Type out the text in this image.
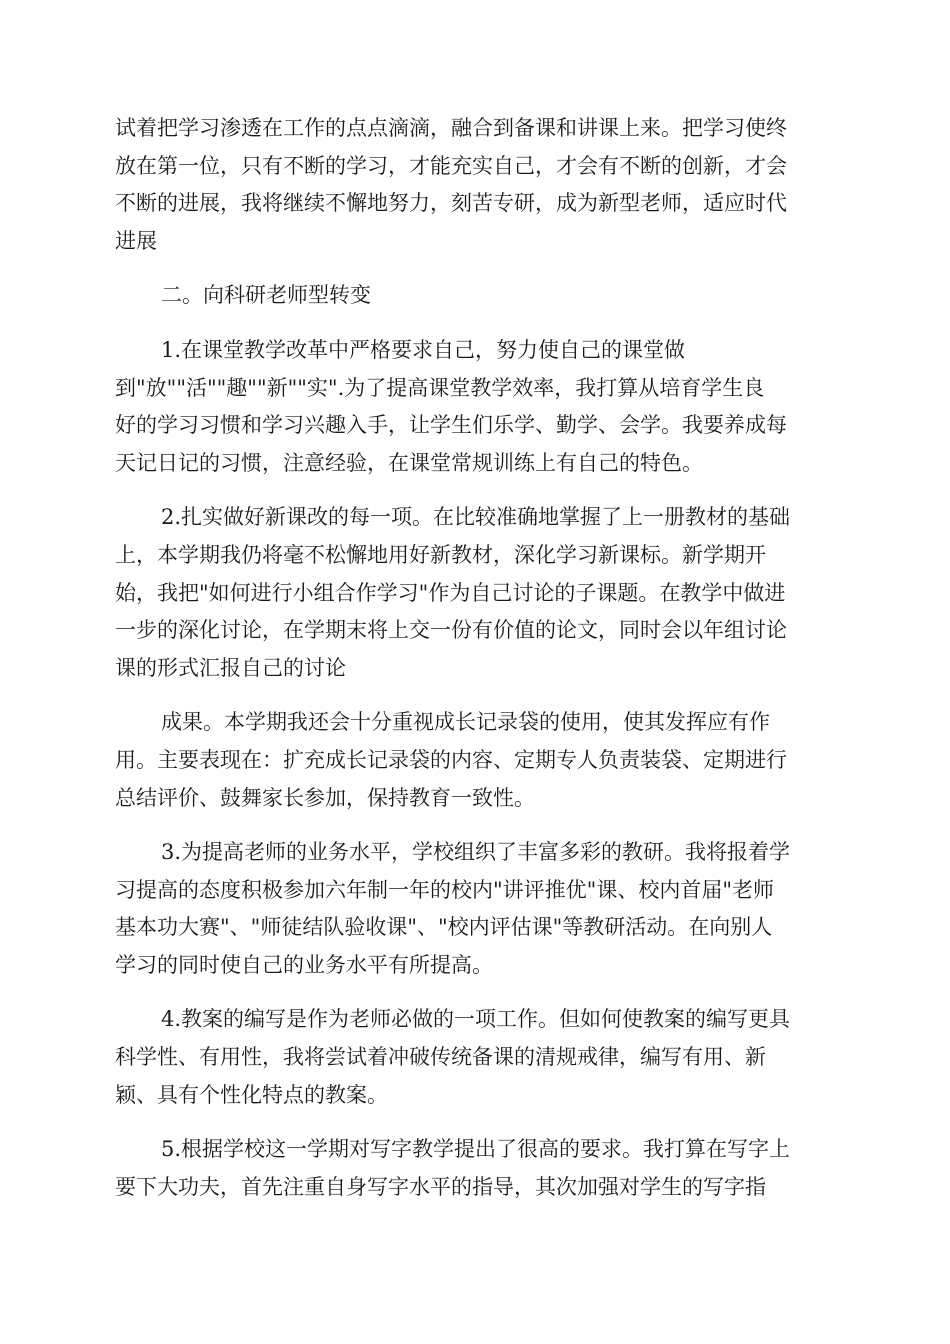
试着把学习渗透在工作的点点滴滴，融合到备课和讲课上来。把学习使终
放在第一位，只有不断的学习，才能充实自己，才会有不断的创新，才会
不断的进展，我将继续不懈地努力，刻苦专研，成为新型老师，适应时代
进展

二。向科研老师型转变

1.在课堂教学改革中严格要求自己，努力使自己的课堂做
到"放""活""趣""新""实".为了提高课堂教学效率，我打算从培育学生良
好的学习习惯和学习兴趣入手，让学生们乐学、勤学、会学。我要养成每
天记日记的习惯，注意经验，在课堂常规训练上有自己的特色。

2.扎实做好新课改的每一项。在比较准确地掌握了上一册教材的基础
上，本学期我仍将毫不松懈地用好新教材，深化学习新课标。新学期开
始，我把"如何进行小组合作学习"作为自己讨论的子课题。在教学中做进
一步的深化讨论，在学期末将上交一份有价值的论文，同时会以年组讨论
课的形式汇报自己的讨论

成果。本学期我还会十分重视成长记录袋的使用，使其发挥应有作
用。主要表现在：扩充成长记录袋的内容、定期专人负责装袋、定期进行
总结评价、鼓舞家长参加，保持教育一致性。

3.为提高老师的业务水平，学校组织了丰富多彩的教研。我将报着学
习提高的态度积极参加六年制一年的校内"讲评推优"课、校内首届"老师
基本功大赛"、"师徒结队验收课"、"校内评估课"等教研活动。在向别人
学习的同时使自己的业务水平有所提高。

4.教案的编写是作为老师必做的一项工作。但如何使教案的编写更具
科学性、有用性，我将尝试着冲破传统备课的清规戒律，编写有用、新
颖、具有个性化特点的教案。

5.根据学校这一学期对写字教学提出了很高的要求。我打算在写字上
要下大功夫，首先注重自身写字水平的指导，其次加强对学生的写字指
